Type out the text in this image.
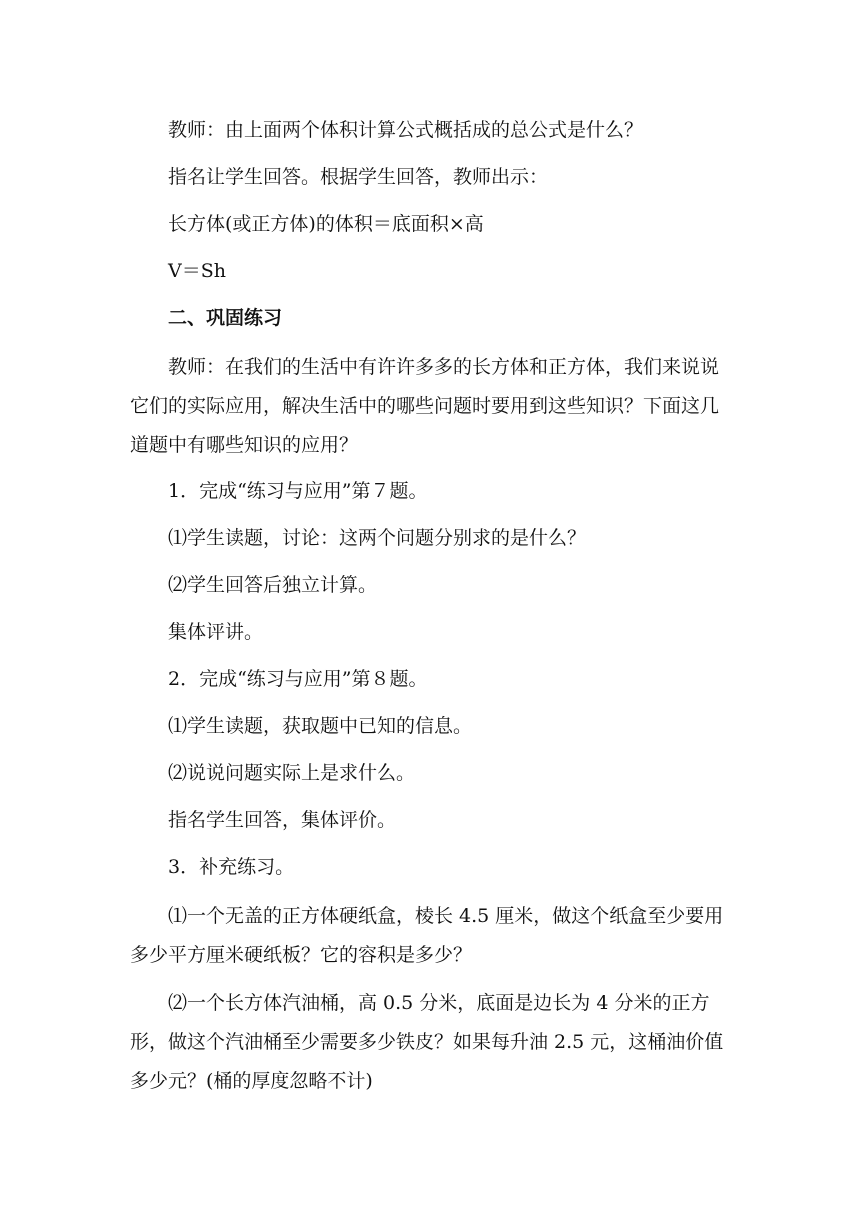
教师：由上面两个体积计算公式概括成的总公式是什么？

指名让学生回答。根据学生回答，教师出示：

长方体(或正方体)的体积＝底面积×高

V＝Sh

二、巩固练习

教师：在我们的生活中有许许多多的长方体和正方体，我们来说说它们的实际应用，解决生活中的哪些问题时要用到这些知识？下面这几道题中有哪些知识的应用？

1．完成“练习与应用”第７题。

⑴学生读题，讨论：这两个问题分别求的是什么？

⑵学生回答后独立计算。

集体评讲。

2．完成“练习与应用”第８题。

⑴学生读题，获取题中已知的信息。

⑵说说问题实际上是求什么。

指名学生回答，集体评价。

3．补充练习。

⑴一个无盖的正方体硬纸盒，棱长 4.5 厘米，做这个纸盒至少要用多少平方厘米硬纸板？它的容积是多少？

⑵一个长方体汽油桶，高 0.5 分米，底面是边长为 4 分米的正方形，做这个汽油桶至少需要多少铁皮？如果每升油 2.5 元，这桶油价值多少元？(桶的厚度忽略不计)
